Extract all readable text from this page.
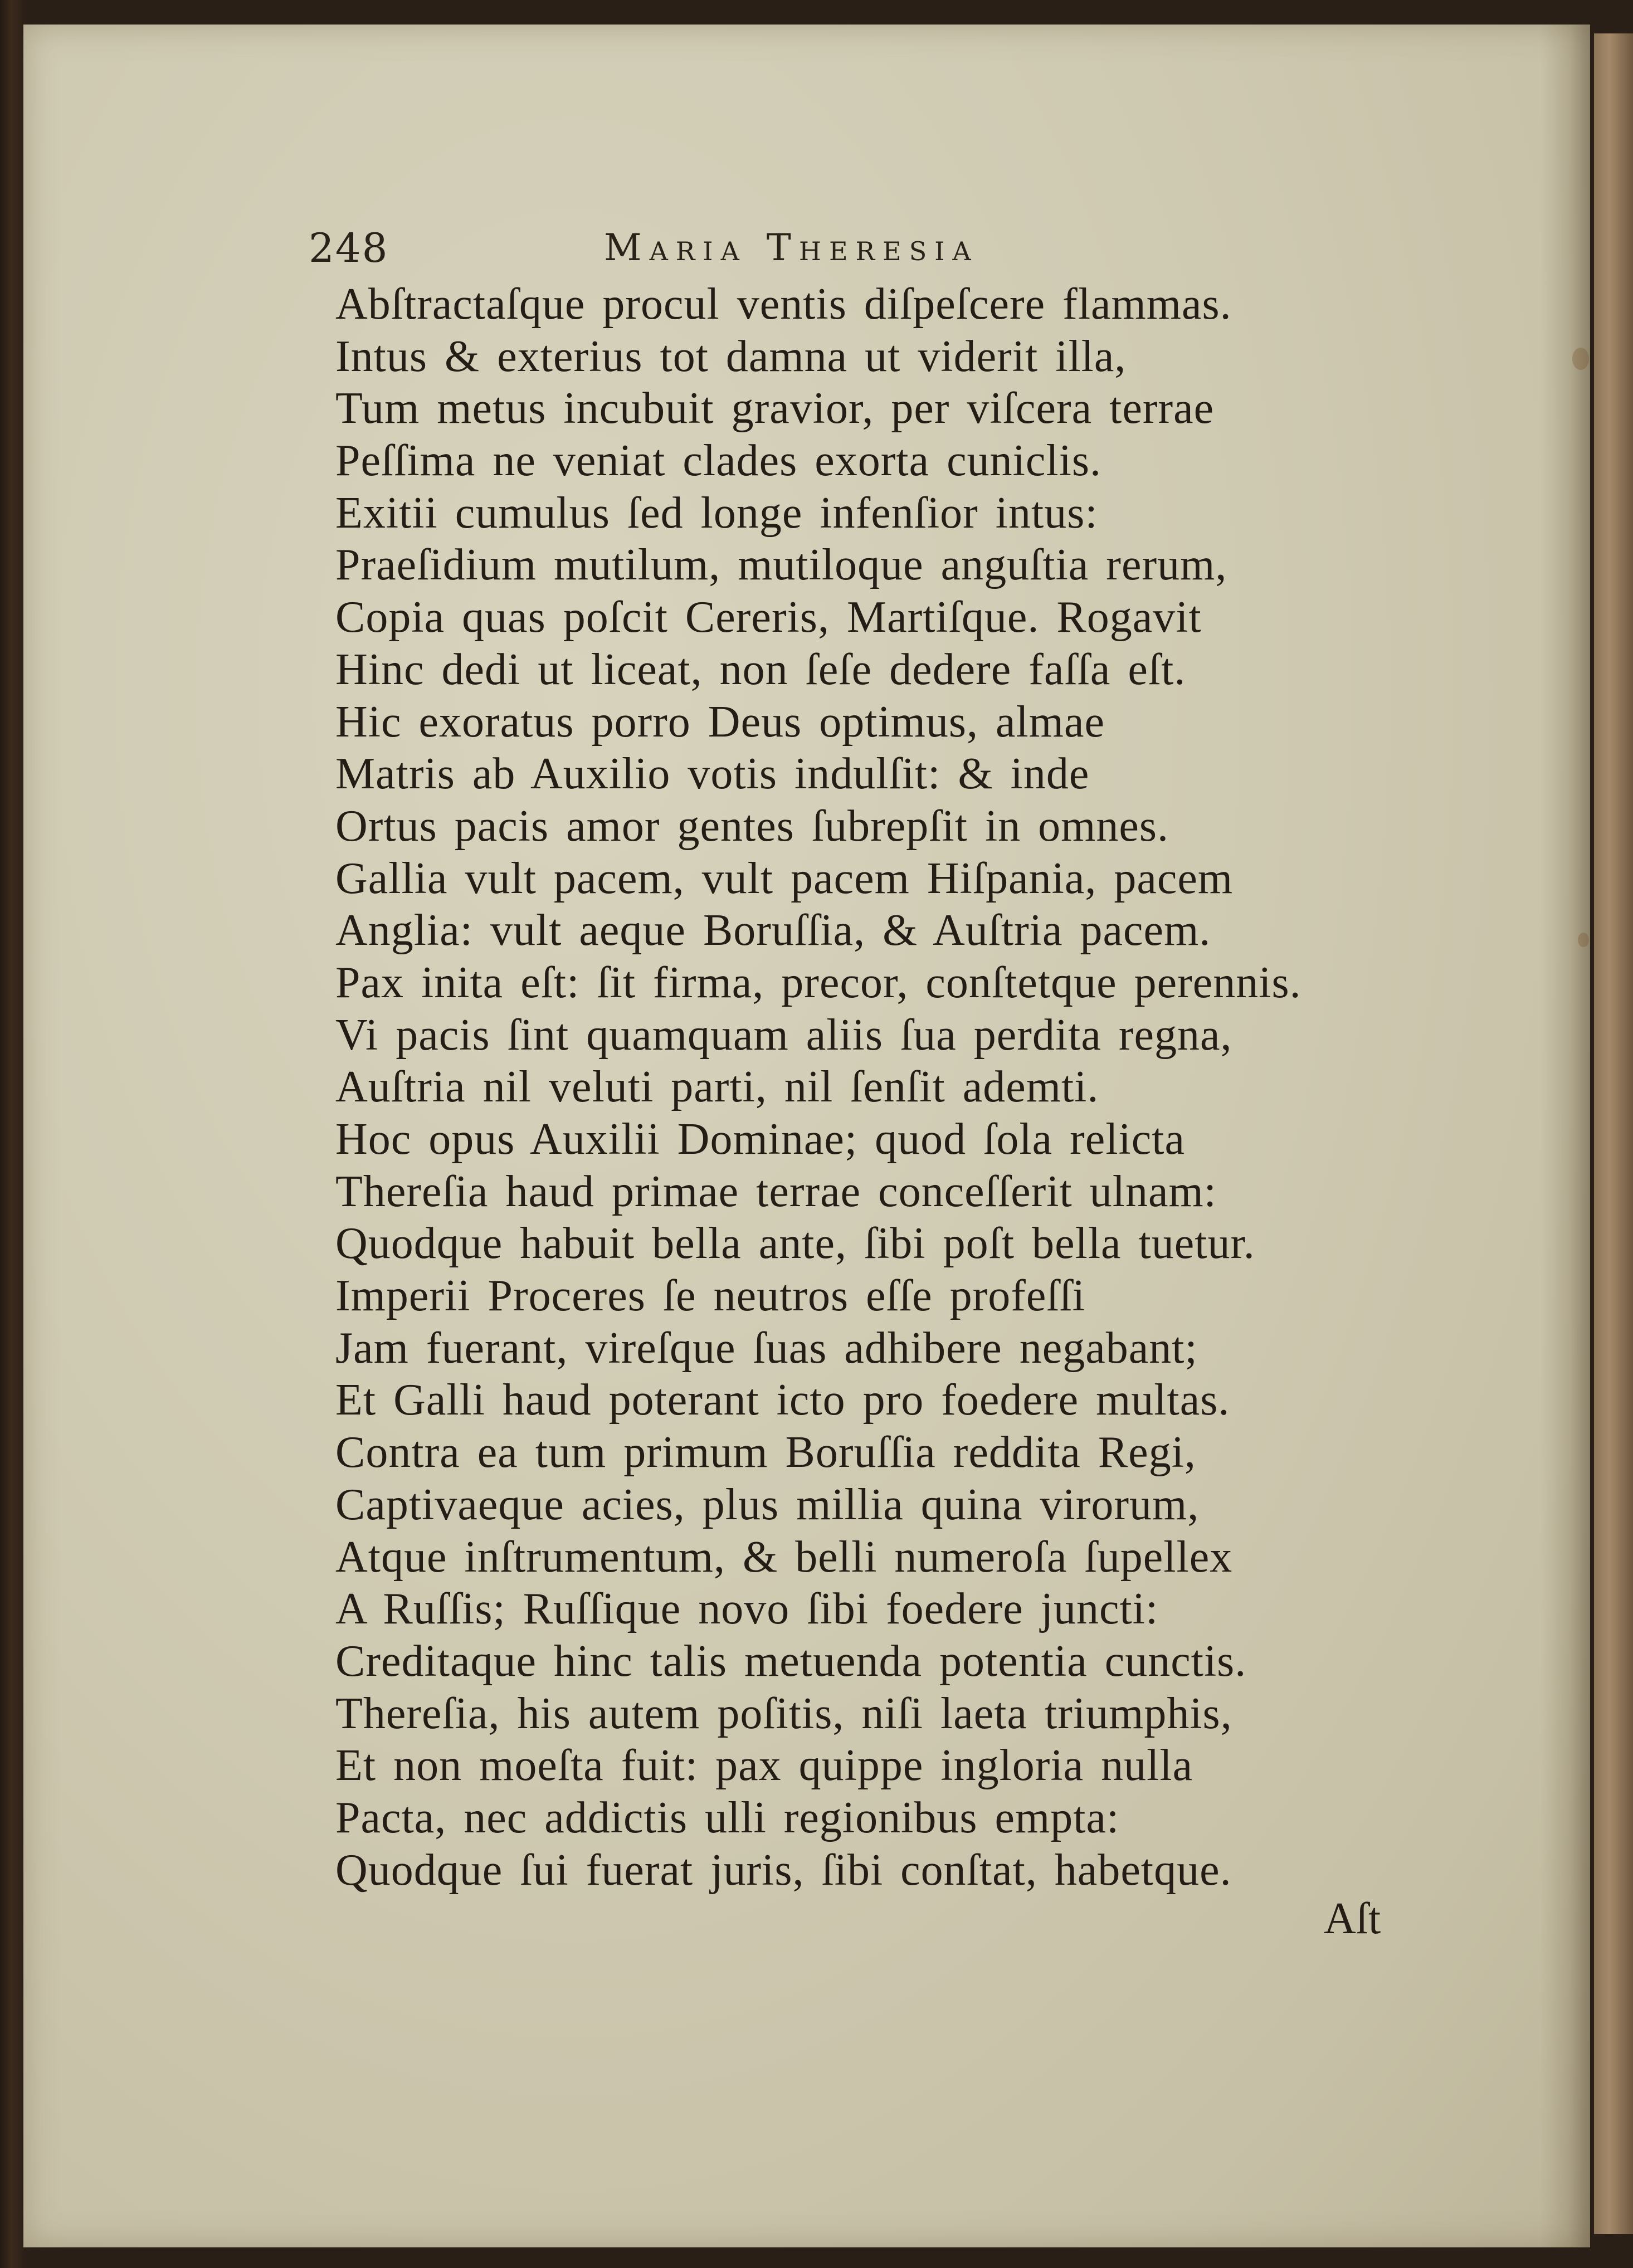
248	Maria Theresia
Abſtractaſque procul ventis diſpeſcere flammas.
Intus & exterius tot damna ut viderit illa,
Tum metus incubuit gravior, per viſcera terrae
Peſſima ne veniat clades exorta cuniclis.
Exitii cumulus ſed longe infenſior intus:
Praeſidium mutilum, mutiloque anguſtia rerum,
Copia quas poſcit Cereris, Martiſque. Rogavit
Hinc dedi ut liceat, non ſeſe dedere faſſa eſt.
Hic exoratus porro Deus optimus, almae
Matris ab Auxilio votis indulſit: & inde
Ortus pacis amor gentes ſubrepſit in omnes.
Gallia vult pacem, vult pacem Hiſpania, pacem
Anglia: vult aeque Boruſſia, & Auſtria pacem.
Pax inita eſt: ſit firma, precor, conſtetque perennis.
Vi pacis ſint quamquam aliis ſua perdita regna,
Auſtria nil veluti parti, nil ſenſit ademti.
Hoc opus Auxilii Dominae; quod ſola relicta
Thereſia haud primae terrae conceſſerit ulnam:
Quodque habuit bella ante, ſibi poſt bella tuetur.
Imperii Proceres ſe neutros eſſe profeſſi
Jam fuerant, vireſque ſuas adhibere negabant;
Et Galli haud poterant icto pro foedere multas.
Contra ea tum primum Boruſſia reddita Regi,
Captivaeque acies, plus millia quina virorum,
Atque inſtrumentum, & belli numeroſa ſupellex
A Ruſſis; Ruſſique novo ſibi foedere juncti:
Creditaque hinc talis metuenda potentia cunctis.
Thereſia, his autem poſitis, niſi laeta triumphis,
Et non moeſta fuit: pax quippe ingloria nulla
Pacta, nec addictis ulli regionibus empta:
Quodque ſui fuerat juris, ſibi conſtat, habetque.
Aſt
